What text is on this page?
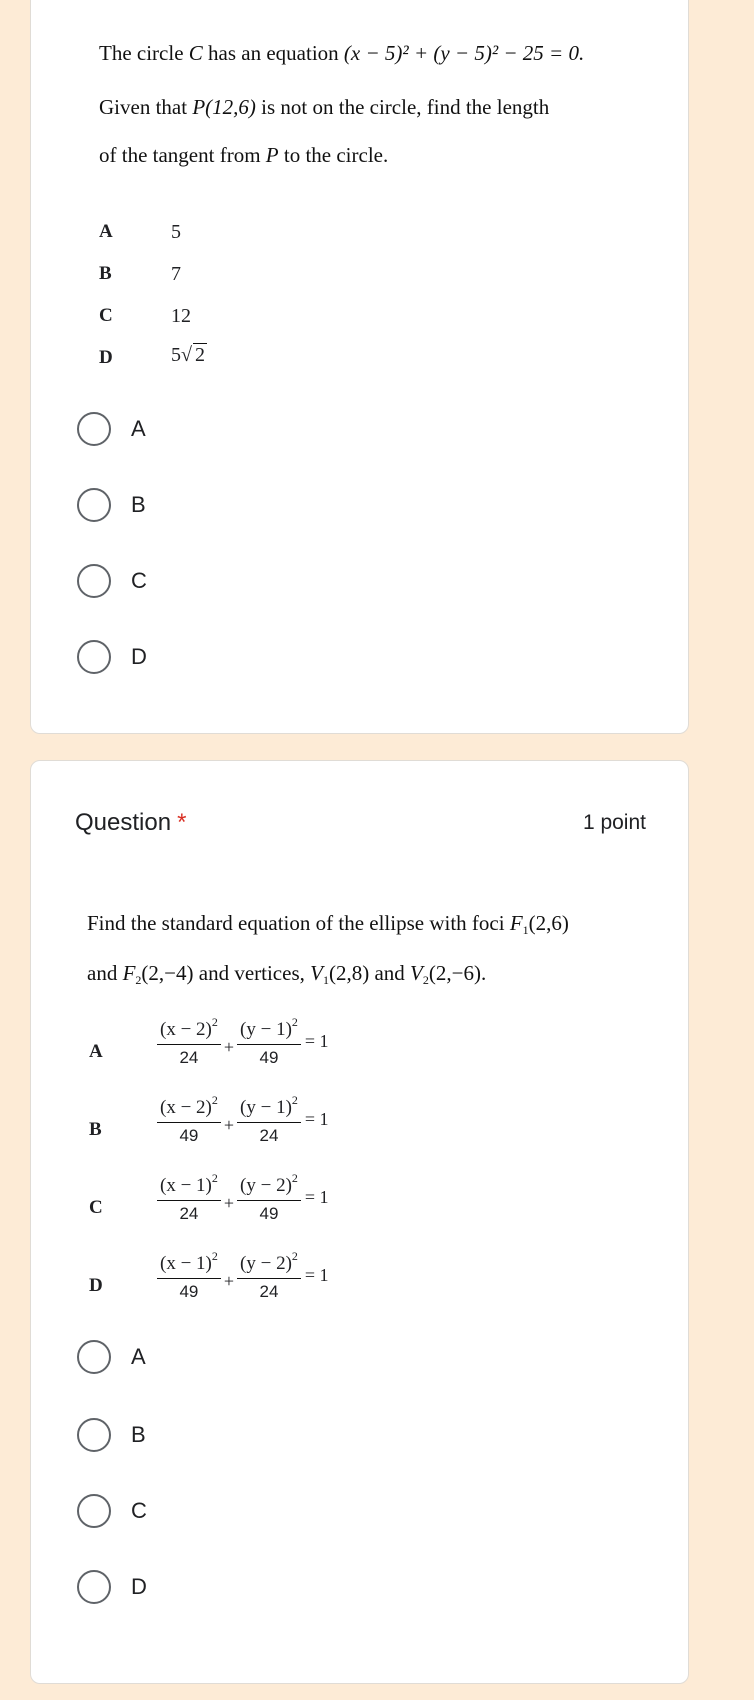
The circle C has an equation (x − 5)² + (y − 5)² − 25 = 0.
Given that P(12,6) is not on the circle, find the length
of the tangent from P to the circle.
A	5
B	7
C	12
D	5√ 2
A
B
C
D
Question *	1 point
Find the standard equation of the ellipse with foci $F_1(2,6)$
and $F_2(2,-4)$ and vertices, $V_1(2,8)$ and $V_2(2,-6)$.
A	$\frac{(x - 2)^2}{24} + \frac{(y - 1)^2}{49} = 1$
B	$\frac{(x - 2)^2}{49} + \frac{(y - 1)^2}{24} = 1$
C	$\frac{(x - 1)^2}{24} + \frac{(y - 2)^2}{49} = 1$
D	$\frac{(x - 1)^2}{49} + \frac{(y - 2)^2}{24} = 1$
A
B
C
D
